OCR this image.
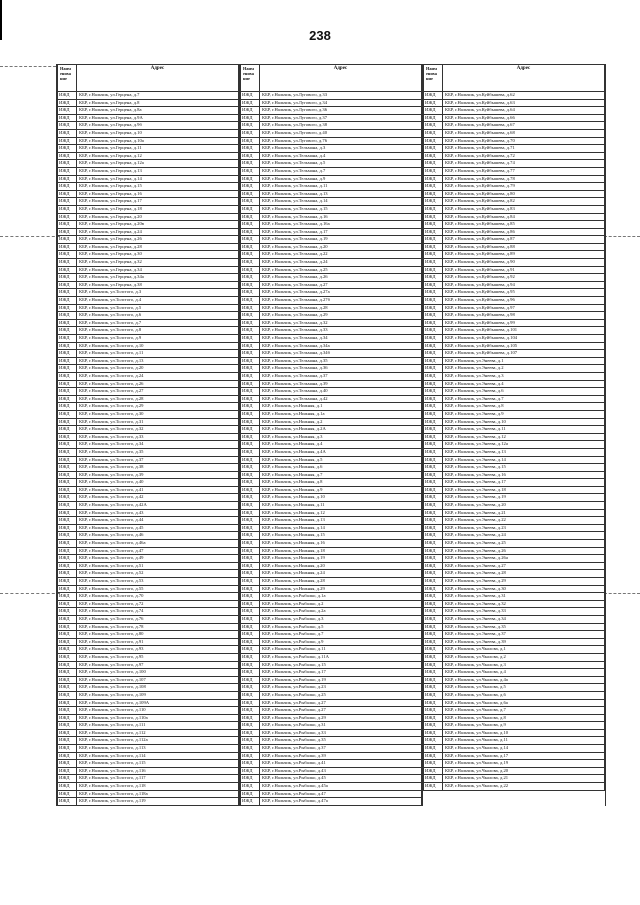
238
Наим
енова
ние	Адрес
ИЖД	КБР, г.Нальчик, ул.Герцена, д.7
ИЖД	КБР, г.Нальчик, ул.Герцена, д.8
ИЖД	КБР, г.Нальчик, ул.Герцена, д.8а
ИЖД	КБР, г.Нальчик, ул.Герцена, д.9А
ИЖД	КБР, г.Нальчик, ул.Герцена, д.9б
ИЖД	КБР, г.Нальчик, ул.Герцена, д.10
ИЖД	КБР, г.Нальчик, ул.Герцена, д.10а
ИЖД	КБР, г.Нальчик, ул.Герцена, д.11
ИЖД	КБР, г.Нальчик, ул.Герцена, д.12
ИЖД	КБР, г.Нальчик, ул.Герцена, д.12а
ИЖД	КБР, г.Нальчик, ул.Герцена, д.13
ИЖД	КБР, г.Нальчик, ул.Герцена, д.14
ИЖД	КБР, г.Нальчик, ул.Герцена, д.15
ИЖД	КБР, г.Нальчик, ул.Герцена, д.16
ИЖД	КБР, г.Нальчик, ул.Герцена, д.17
ИЖД	КБР, г.Нальчик, ул.Герцена, д.18
ИЖД	КБР, г.Нальчик, ул.Герцена, д.20
ИЖД	КБР, г.Нальчик, ул.Герцена, д.20в
ИЖД	КБР, г.Нальчик, ул.Герцена, д.24
ИЖД	КБР, г.Нальчик, ул.Герцена, д.26
ИЖД	КБР, г.Нальчик, ул.Герцена, д.28
ИЖД	КБР, г.Нальчик, ул.Герцена, д.30
ИЖД	КБР, г.Нальчик, ул.Герцена, д.32
ИЖД	КБР, г.Нальчик, ул.Герцена, д.34
ИЖД	КБР, г.Нальчик, ул.Герцена, д.34а
ИЖД	КБР, г.Нальчик, ул.Герцена, д.38
ИЖД	КБР, г.Нальчик, ул.Толстого, д.3
ИЖД	КБР, г.Нальчик, ул.Толстого, д.4
ИЖД	КБР, г.Нальчик, ул.Толстого, д.5
ИЖД	КБР, г.Нальчик, ул.Толстого, д.6
ИЖД	КБР, г.Нальчик, ул.Толстого, д.7
ИЖД	КБР, г.Нальчик, ул.Толстого, д.8
ИЖД	КБР, г.Нальчик, ул.Толстого, д.9
ИЖД	КБР, г.Нальчик, ул.Толстого, д.10
ИЖД	КБР, г.Нальчик, ул.Толстого, д.11
ИЖД	КБР, г.Нальчик, ул.Толстого, д.13
ИЖД	КБР, г.Нальчик, ул.Толстого, д.20
ИЖД	КБР, г.Нальчик, ул.Толстого, д.24
ИЖД	КБР, г.Нальчик, ул.Толстого, д.26
ИЖД	КБР, г.Нальчик, ул.Толстого, д.27
ИЖД	КБР, г.Нальчик, ул.Толстого, д.28
ИЖД	КБР, г.Нальчик, ул.Толстого, д.29
ИЖД	КБР, г.Нальчик, ул.Толстого, д.30
ИЖД	КБР, г.Нальчик, ул.Толстого, д.31
ИЖД	КБР, г.Нальчик, ул.Толстого, д.32
ИЖД	КБР, г.Нальчик, ул.Толстого, д.33
ИЖД	КБР, г.Нальчик, ул.Толстого, д.34
ИЖД	КБР, г.Нальчик, ул.Толстого, д.35
ИЖД	КБР, г.Нальчик, ул.Толстого, д.37
ИЖД	КБР, г.Нальчик, ул.Толстого, д.38
ИЖД	КБР, г.Нальчик, ул.Толстого, д.39
ИЖД	КБР, г.Нальчик, ул.Толстого, д.40
ИЖД	КБР, г.Нальчик, ул.Толстого, д.41
ИЖД	КБР, г.Нальчик, ул.Толстого, д.42
ИЖД	КБР, г.Нальчик, ул.Толстого, д.42А
ИЖД	КБР, г.Нальчик, ул.Толстого, д.43
ИЖД	КБР, г.Нальчик, ул.Толстого, д.44
ИЖД	КБР, г.Нальчик, ул.Толстого, д.45
ИЖД	КБР, г.Нальчик, ул.Толстого, д.46
ИЖД	КБР, г.Нальчик, ул.Толстого, д.46а
ИЖД	КБР, г.Нальчик, ул.Толстого, д.47
ИЖД	КБР, г.Нальчик, ул.Толстого, д.49
ИЖД	КБР, г.Нальчик, ул.Толстого, д.51
ИЖД	КБР, г.Нальчик, ул.Толстого, д.52
ИЖД	КБР, г.Нальчик, ул.Толстого, д.53
ИЖД	КБР, г.Нальчик, ул.Толстого, д.55
ИЖД	КБР, г.Нальчик, ул.Толстого, д.70
ИЖД	КБР, г.Нальчик, ул.Толстого, д.72
ИЖД	КБР, г.Нальчик, ул.Толстого, д.74
ИЖД	КБР, г.Нальчик, ул.Толстого, д.76
ИЖД	КБР, г.Нальчик, ул.Толстого, д.78
ИЖД	КБР, г.Нальчик, ул.Толстого, д.80
ИЖД	КБР, г.Нальчик, ул.Толстого, д.91
ИЖД	КБР, г.Нальчик, ул.Толстого, д.93
ИЖД	КБР, г.Нальчик, ул.Толстого, д.95
ИЖД	КБР, г.Нальчик, ул.Толстого, д.97
ИЖД	КБР, г.Нальчик, ул.Толстого, д.100
ИЖД	КБР, г.Нальчик, ул.Толстого, д.107
ИЖД	КБР, г.Нальчик, ул.Толстого, д.108
ИЖД	КБР, г.Нальчик, ул.Толстого, д.109
ИЖД	КБР, г.Нальчик, ул.Толстого, д.109А
ИЖД	КБР, г.Нальчик, ул.Толстого, д.110
ИЖД	КБР, г.Нальчик, ул.Толстого, д.110а
ИЖД	КБР, г.Нальчик, ул.Толстого, д.111
ИЖД	КБР, г.Нальчик, ул.Толстого, д.112
ИЖД	КБР, г.Нальчик, ул.Толстого, д.112а
ИЖД	КБР, г.Нальчик, ул.Толстого, д.113
ИЖД	КБР, г.Нальчик, ул.Толстого, д.114
ИЖД	КБР, г.Нальчик, ул.Толстого, д.115
ИЖД	КБР, г.Нальчик, ул.Толстого, д.116
ИЖД	КБР, г.Нальчик, ул.Толстого, д.117
ИЖД	КБР, г.Нальчик, ул.Толстого, д.118
ИЖД	КБР, г.Нальчик, ул.Толстого, д.118а
ИЖД	КБР, г.Нальчик, ул.Толстого, д.119
Наим
енова
ние	Адрес
ИЖД	КБР, г.Нальчик, ул.Лугового, д.33
ИЖД	КБР, г.Нальчик, ул.Лугового, д.34
ИЖД	КБР, г.Нальчик, ул.Лугового, д.36
ИЖД	КБР, г.Нальчик, ул.Лугового, д.37
ИЖД	КБР, г.Нальчик, ул.Лугового, д.38
ИЖД	КБР, г.Нальчик, ул.Лугового, д.40
ИЖД	КБР, г.Нальчик, ул.Лугового, д.76
ИЖД	КБР, г.Нальчик, ул.Тельмана, д.3
ИЖД	КБР, г.Нальчик, ул.Тельмана, д.4
ИЖД	КБР, г.Нальчик, ул.Тельмана, д.5
ИЖД	КБР, г.Нальчик, ул.Тельмана, д.7
ИЖД	КБР, г.Нальчик, ул.Тельмана, д.9
ИЖД	КБР, г.Нальчик, ул.Тельмана, д.11
ИЖД	КБР, г.Нальчик, ул.Тельмана, д.13
ИЖД	КБР, г.Нальчик, ул.Тельмана, д.14
ИЖД	КБР, г.Нальчик, ул.Тельмана, д.15
ИЖД	КБР, г.Нальчик, ул.Тельмана, д.16
ИЖД	КБР, г.Нальчик, ул.Тельмана, д.16а
ИЖД	КБР, г.Нальчик, ул.Тельмана, д.17
ИЖД	КБР, г.Нальчик, ул.Тельмана, д.19
ИЖД	КБР, г.Нальчик, ул.Тельмана, д.20
ИЖД	КБР, г.Нальчик, ул.Тельмана, д.22
ИЖД	КБР, г.Нальчик, ул.Тельмана, д.24
ИЖД	КБР, г.Нальчик, ул.Тельмана, д.25
ИЖД	КБР, г.Нальчик, ул.Тельмана, д.26
ИЖД	КБР, г.Нальчик, ул.Тельмана, д.27
ИЖД	КБР, г.Нальчик, ул.Тельмана, д.27а
ИЖД	КБР, г.Нальчик, ул.Тельмана, д.27б
ИЖД	КБР, г.Нальчик, ул.Тельмана, д.28
ИЖД	КБР, г.Нальчик, ул.Тельмана, д.29
ИЖД	КБР, г.Нальчик, ул.Тельмана, д.32
ИЖД	КБР, г.Нальчик, ул.Тельмана, д.33
ИЖД	КБР, г.Нальчик, ул.Тельмана, д.34
ИЖД	КБР, г.Нальчик, ул.Тельмана, д.34а
ИЖД	КБР, г.Нальчик, ул.Тельмана, д.34б
ИЖД	КБР, г.Нальчик, ул.Тельмана, д.35
ИЖД	КБР, г.Нальчик, ул.Тельмана, д.36
ИЖД	КБР, г.Нальчик, ул.Тельмана, д.37
ИЖД	КБР, г.Нальчик, ул.Тельмана, д.39
ИЖД	КБР, г.Нальчик, ул.Тельмана, д.40
ИЖД	КБР, г.Нальчик, ул.Тельмана, д.42
ИЖД	КБР, г.Нальчик, ул.Нижняя, д.1
ИЖД	КБР, г.Нальчик, ул.Нижняя, д.1а
ИЖД	КБР, г.Нальчик, ул.Нижняя, д.2
ИЖД	КБР, г.Нальчик, ул.Нижняя, д.2А
ИЖД	КБР, г.Нальчик, ул.Нижняя, д.3
ИЖД	КБР, г.Нальчик, ул.Нижняя, д.4
ИЖД	КБР, г.Нальчик, ул.Нижняя, д.4А
ИЖД	КБР, г.Нальчик, ул.Нижняя, д.5
ИЖД	КБР, г.Нальчик, ул.Нижняя, д.6
ИЖД	КБР, г.Нальчик, ул.Нижняя, д.7
ИЖД	КБР, г.Нальчик, ул.Нижняя, д.8
ИЖД	КБР, г.Нальчик, ул.Нижняя, д.9
ИЖД	КБР, г.Нальчик, ул.Нижняя, д.10
ИЖД	КБР, г.Нальчик, ул.Нижняя, д.11
ИЖД	КБР, г.Нальчик, ул.Нижняя, д.12
ИЖД	КБР, г.Нальчик, ул.Нижняя, д.13
ИЖД	КБР, г.Нальчик, ул.Нижняя, д.14
ИЖД	КБР, г.Нальчик, ул.Нижняя, д.15
ИЖД	КБР, г.Нальчик, ул.Нижняя, д.16
ИЖД	КБР, г.Нальчик, ул.Нижняя, д.18
ИЖД	КБР, г.Нальчик, ул.Нижняя, д.19
ИЖД	КБР, г.Нальчик, ул.Нижняя, д.20
ИЖД	КБР, г.Нальчик, ул.Нижняя, д.24
ИЖД	КБР, г.Нальчик, ул.Нижняя, д.28
ИЖД	КБР, г.Нальчик, ул.Нижняя, д.29
ИЖД	КБР, г.Нальчик, ул.Рыбалко, д.1а
ИЖД	КБР, г.Нальчик, ул.Рыбалко, д.2
ИЖД	КБР, г.Нальчик, ул.Рыбалко, д.2а
ИЖД	КБР, г.Нальчик, ул.Рыбалко, д.3
ИЖД	КБР, г.Нальчик, ул.Рыбалко, д.5
ИЖД	КБР, г.Нальчик, ул.Рыбалко, д.7
ИЖД	КБР, г.Нальчик, ул.Рыбалко, д.9
ИЖД	КБР, г.Нальчик, ул.Рыбалко, д.11
ИЖД	КБР, г.Нальчик, ул.Рыбалко, д.11А
ИЖД	КБР, г.Нальчик, ул.Рыбалко, д.15
ИЖД	КБР, г.Нальчик, ул.Рыбалко, д.17
ИЖД	КБР, г.Нальчик, ул.Рыбалко, д.19
ИЖД	КБР, г.Нальчик, ул.Рыбалко, д.23
ИЖД	КБР, г.Нальчик, ул.Рыбалко, д.25
ИЖД	КБР, г.Нальчик, ул.Рыбалко, д.27
ИЖД	КБР, г.Нальчик, ул.Рыбалко, д.27
ИЖД	КБР, г.Нальчик, ул.Рыбалко, д.29
ИЖД	КБР, г.Нальчик, ул.Рыбалко, д.31
ИЖД	КБР, г.Нальчик, ул.Рыбалко, д.33
ИЖД	КБР, г.Нальчик, ул.Рыбалко, д.35
ИЖД	КБР, г.Нальчик, ул.Рыбалко, д.37
ИЖД	КБР, г.Нальчик, ул.Рыбалко, д.39
ИЖД	КБР, г.Нальчик, ул.Рыбалко, д.41
ИЖД	КБР, г.Нальчик, ул.Рыбалко, д.43
ИЖД	КБР, г.Нальчик, ул.Рыбалко, д.45
ИЖД	КБР, г.Нальчик, ул.Рыбалко, д.45а
ИЖД	КБР, г.Нальчик, ул.Рыбалко, д.47
ИЖД	КБР, г.Нальчик, ул.Рыбалко, д.47а
Наим
енова
ние	Адрес
ИЖД	КБР, г.Нальчик, ул.Куйбышева, д.62
ИЖД	КБР, г.Нальчик, ул.Куйбышева, д.63
ИЖД	КБР, г.Нальчик, ул.Куйбышева, д.64
ИЖД	КБР, г.Нальчик, ул.Куйбышева, д.66
ИЖД	КБР, г.Нальчик, ул.Куйбышева, д.67
ИЖД	КБР, г.Нальчик, ул.Куйбышева, д.68
ИЖД	КБР, г.Нальчик, ул.Куйбышева, д.70
ИЖД	КБР, г.Нальчик, ул.Куйбышева, д.71
ИЖД	КБР, г.Нальчик, ул.Куйбышева, д.72
ИЖД	КБР, г.Нальчик, ул.Куйбышева, д.74
ИЖД	КБР, г.Нальчик, ул.Куйбышева, д.77
ИЖД	КБР, г.Нальчик, ул.Куйбышева, д.78
ИЖД	КБР, г.Нальчик, ул.Куйбышева, д.79
ИЖД	КБР, г.Нальчик, ул.Куйбышева, д.80
ИЖД	КБР, г.Нальчик, ул.Куйбышева, д.82
ИЖД	КБР, г.Нальчик, ул.Куйбышева, д.83
ИЖД	КБР, г.Нальчик, ул.Куйбышева, д.84
ИЖД	КБР, г.Нальчик, ул.Куйбышева, д.85
ИЖД	КБР, г.Нальчик, ул.Куйбышева, д.86
ИЖД	КБР, г.Нальчик, ул.Куйбышева, д.87
ИЖД	КБР, г.Нальчик, ул.Куйбышева, д.88
ИЖД	КБР, г.Нальчик, ул.Куйбышева, д.89
ИЖД	КБР, г.Нальчик, ул.Куйбышева, д.90
ИЖД	КБР, г.Нальчик, ул.Куйбышева, д.91
ИЖД	КБР, г.Нальчик, ул.Куйбышева, д.92
ИЖД	КБР, г.Нальчик, ул.Куйбышева, д.94
ИЖД	КБР, г.Нальчик, ул.Куйбышева, д.95
ИЖД	КБР, г.Нальчик, ул.Куйбышева, д.96
ИЖД	КБР, г.Нальчик, ул.Куйбышева, д.97
ИЖД	КБР, г.Нальчик, ул.Куйбышева, д.98
ИЖД	КБР, г.Нальчик, ул.Куйбышева, д.99
ИЖД	КБР, г.Нальчик, ул.Куйбышева, д.101
ИЖД	КБР, г.Нальчик, ул.Куйбышева, д.104
ИЖД	КБР, г.Нальчик, ул.Куйбышева, д.105
ИЖД	КБР, г.Нальчик, ул.Куйбышева, д.107
ИЖД	КБР, г.Нальчик, ул.Энеева, д.1
ИЖД	КБР, г.Нальчик, ул.Энеева, д.2
ИЖД	КБР, г.Нальчик, ул.Энеева, д.3
ИЖД	КБР, г.Нальчик, ул.Энеева, д.4
ИЖД	КБР, г.Нальчик, ул.Энеева, д.6
ИЖД	КБР, г.Нальчик, ул.Энеева, д.7
ИЖД	КБР, г.Нальчик, ул.Энеева, д.8
ИЖД	КБР, г.Нальчик, ул.Энеева, д.9
ИЖД	КБР, г.Нальчик, ул.Энеева, д.10
ИЖД	КБР, г.Нальчик, ул.Энеева, д.11
ИЖД	КБР, г.Нальчик, ул.Энеева, д.12
ИЖД	КБР, г.Нальчик, ул.Энеева, д.12а
ИЖД	КБР, г.Нальчик, ул.Энеева, д.13
ИЖД	КБР, г.Нальчик, ул.Энеева, д.14
ИЖД	КБР, г.Нальчик, ул.Энеева, д.15
ИЖД	КБР, г.Нальчик, ул.Энеева, д.16
ИЖД	КБР, г.Нальчик, ул.Энеева, д.17
ИЖД	КБР, г.Нальчик, ул.Энеева, д.18
ИЖД	КБР, г.Нальчик, ул.Энеева, д.19
ИЖД	КБР, г.Нальчик, ул.Энеева, д.20
ИЖД	КБР, г.Нальчик, ул.Энеева, д.21
ИЖД	КБР, г.Нальчик, ул.Энеева, д.22
ИЖД	КБР, г.Нальчик, ул.Энеева, д.23
ИЖД	КБР, г.Нальчик, ул.Энеева, д.24
ИЖД	КБР, г.Нальчик, ул.Энеева, д.25
ИЖД	КБР, г.Нальчик, ул.Энеева, д.26
ИЖД	КБР, г.Нальчик, ул.Энеева, д.26а
ИЖД	КБР, г.Нальчик, ул.Энеева, д.27
ИЖД	КБР, г.Нальчик, ул.Энеева, д.28
ИЖД	КБР, г.Нальчик, ул.Энеева, д.29
ИЖД	КБР, г.Нальчик, ул.Энеева, д.30
ИЖД	КБР, г.Нальчик, ул.Энеева, д.31
ИЖД	КБР, г.Нальчик, ул.Энеева, д.32
ИЖД	КБР, г.Нальчик, ул.Энеева, д.33
ИЖД	КБР, г.Нальчик, ул.Энеева, д.34
ИЖД	КБР, г.Нальчик, ул.Энеева, д.35
ИЖД	КБР, г.Нальчик, ул.Энеева, д.37
ИЖД	КБР, г.Нальчик, ул.Энеева, д.39
ИЖД	КБР, г.Нальчик, ул.Чкалова, д.1
ИЖД	КБР, г.Нальчик, ул.Чкалова, д.2
ИЖД	КБР, г.Нальчик, ул.Чкалова, д.3
ИЖД	КБР, г.Нальчик, ул.Чкалова, д.4
ИЖД	КБР, г.Нальчик, ул.Чкалова, д.4а
ИЖД	КБР, г.Нальчик, ул.Чкалова, д.5
ИЖД	КБР, г.Нальчик, ул.Чкалова, д.6
ИЖД	КБР, г.Нальчик, ул.Чкалова, д.6а
ИЖД	КБР, г.Нальчик, ул.Чкалова, д.7
ИЖД	КБР, г.Нальчик, ул.Чкалова, д.8
ИЖД	КБР, г.Нальчик, ул.Чкалова, д.9
ИЖД	КБР, г.Нальчик, ул.Чкалова, д.10
ИЖД	КБР, г.Нальчик, ул.Чкалова, д.11
ИЖД	КБР, г.Нальчик, ул.Чкалова, д.14
ИЖД	КБР, г.Нальчик, ул.Чкалова, д.17
ИЖД	КБР, г.Нальчик, ул.Чкалова, д.19
ИЖД	КБР, г.Нальчик, ул.Чкалова, д.20
ИЖД	КБР, г.Нальчик, ул.Чкалова, д.21
ИЖД	КБР, г.Нальчик, ул.Чкалова, д.22
